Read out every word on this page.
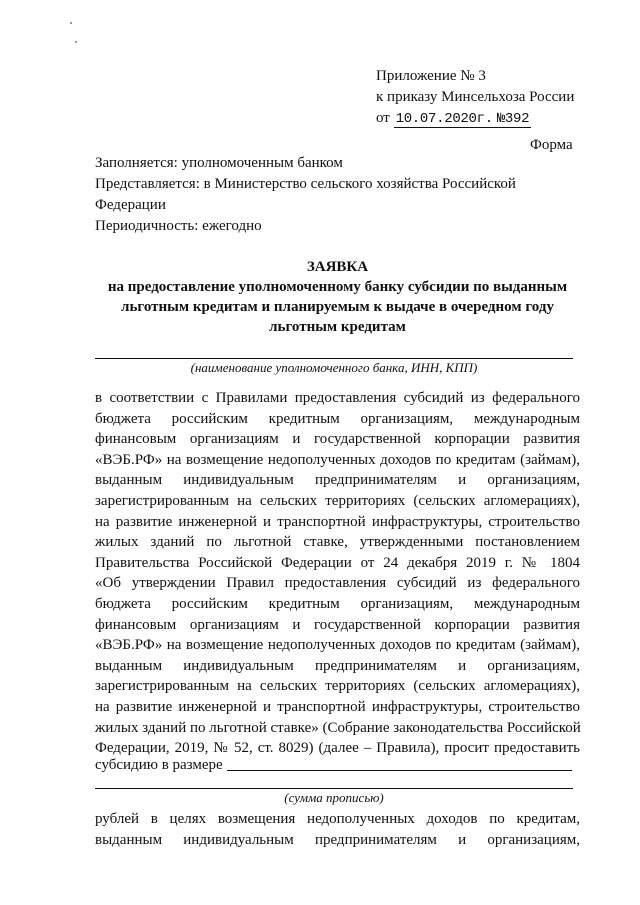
Приложение № 3
к приказу Минсельхоза России
от 10.07.2020г. №392
Форма
Заполняется: уполномоченным банком
Представляется: в Министерство сельского хозяйства Российской
Федерации
Периодичность: ежегодно
ЗАЯВКА
на предоставление уполномоченному банку субсидии по выданным
льготным кредитам и планируемым к выдаче в очередном году
льготным кредитам
(наименование уполномоченного банка, ИНН, КПП)
в соответствии с Правилами предоставления субсидий из федерального
бюджета российским кредитным организациям, международным
финансовым организациям и государственной корпорации развития
«ВЭБ.РФ» на возмещение недополученных доходов по кредитам (займам),
выданным индивидуальным предпринимателям и организациям,
зарегистрированным на сельских территориях (сельских агломерациях),
на развитие инженерной и транспортной инфраструктуры, строительство
жилых зданий по льготной ставке, утвержденными постановлением
Правительства Российской Федерации от 24 декабря 2019 г. № 1804
«Об утверждении Правил предоставления субсидий из федерального
бюджета российским кредитным организациям, международным
финансовым организациям и государственной корпорации развития
«ВЭБ.РФ» на возмещение недополученных доходов по кредитам (займам),
выданным индивидуальным предпринимателям и организациям,
зарегистрированным на сельских территориях (сельских агломерациях),
на развитие инженерной и транспортной инфраструктуры, строительство
жилых зданий по льготной ставке» (Собрание законодательства Российской
Федерации, 2019, № 52, ст. 8029) (далее – Правила), просит предоставить
субсидию в размере
(сумма прописью)
рублей в целях возмещения недополученных доходов по кредитам,
выданным индивидуальным предпринимателям и организациям,
